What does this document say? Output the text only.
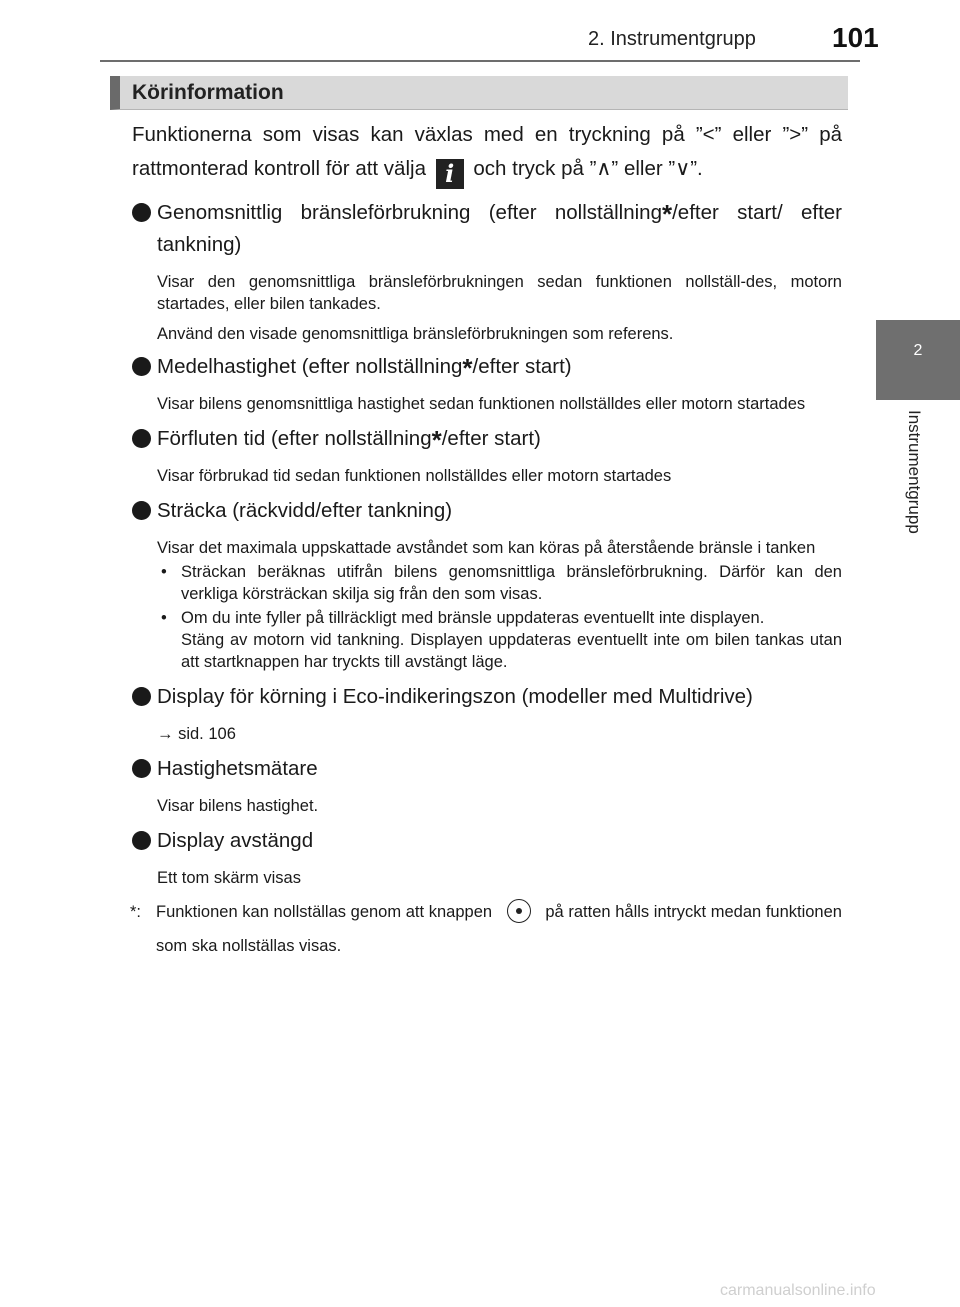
2. Instrumentgrupp	101
2
Instrumentgrupp
Körinformation

Funktionerna som visas kan växlas med en tryckning på ”<” eller ”>” på rattmonterad kontroll för att välja i och tryck på ”∧” eller ”∨”.

Genomsnittlig bränsleförbrukning (efter nollställning*/efter start/ efter tankning)

Visar den genomsnittliga bränsleförbrukningen sedan funktionen nollställ-des, motorn startades, eller bilen tankades.

Använd den visade genomsnittliga bränsleförbrukningen som referens.

Medelhastighet (efter nollställning*/efter start)

Visar bilens genomsnittliga hastighet sedan funktionen nollställdes eller motorn startades

Förfluten tid (efter nollställning*/efter start)

Visar förbrukad tid sedan funktionen nollställdes eller motorn startades

Sträcka (räckvidd/efter tankning)

Visar det maximala uppskattade avståndet som kan köras på återstående bränsle i tanken

• Sträckan beräknas utifrån bilens genomsnittliga bränsleförbrukning. Därför kan den verkliga körsträckan skilja sig från den som visas.
• Om du inte fyller på tillräckligt med bränsle uppdateras eventuellt inte displayen.
Stäng av motorn vid tankning. Displayen uppdateras eventuellt inte om bilen tankas utan att startknappen har tryckts till avstängt läge.
Display för körning i Eco-indikeringszon (modeller med Multidrive)

→ sid. 106

Hastighetsmätare

Visar bilens hastighet.

Display avstängd

Ett tom skärm visas

*: Funktionen kan nollställas genom att knappen	på ratten hålls intryckt medan funktionen som ska nollställas visas.
carmanualsonline.info
